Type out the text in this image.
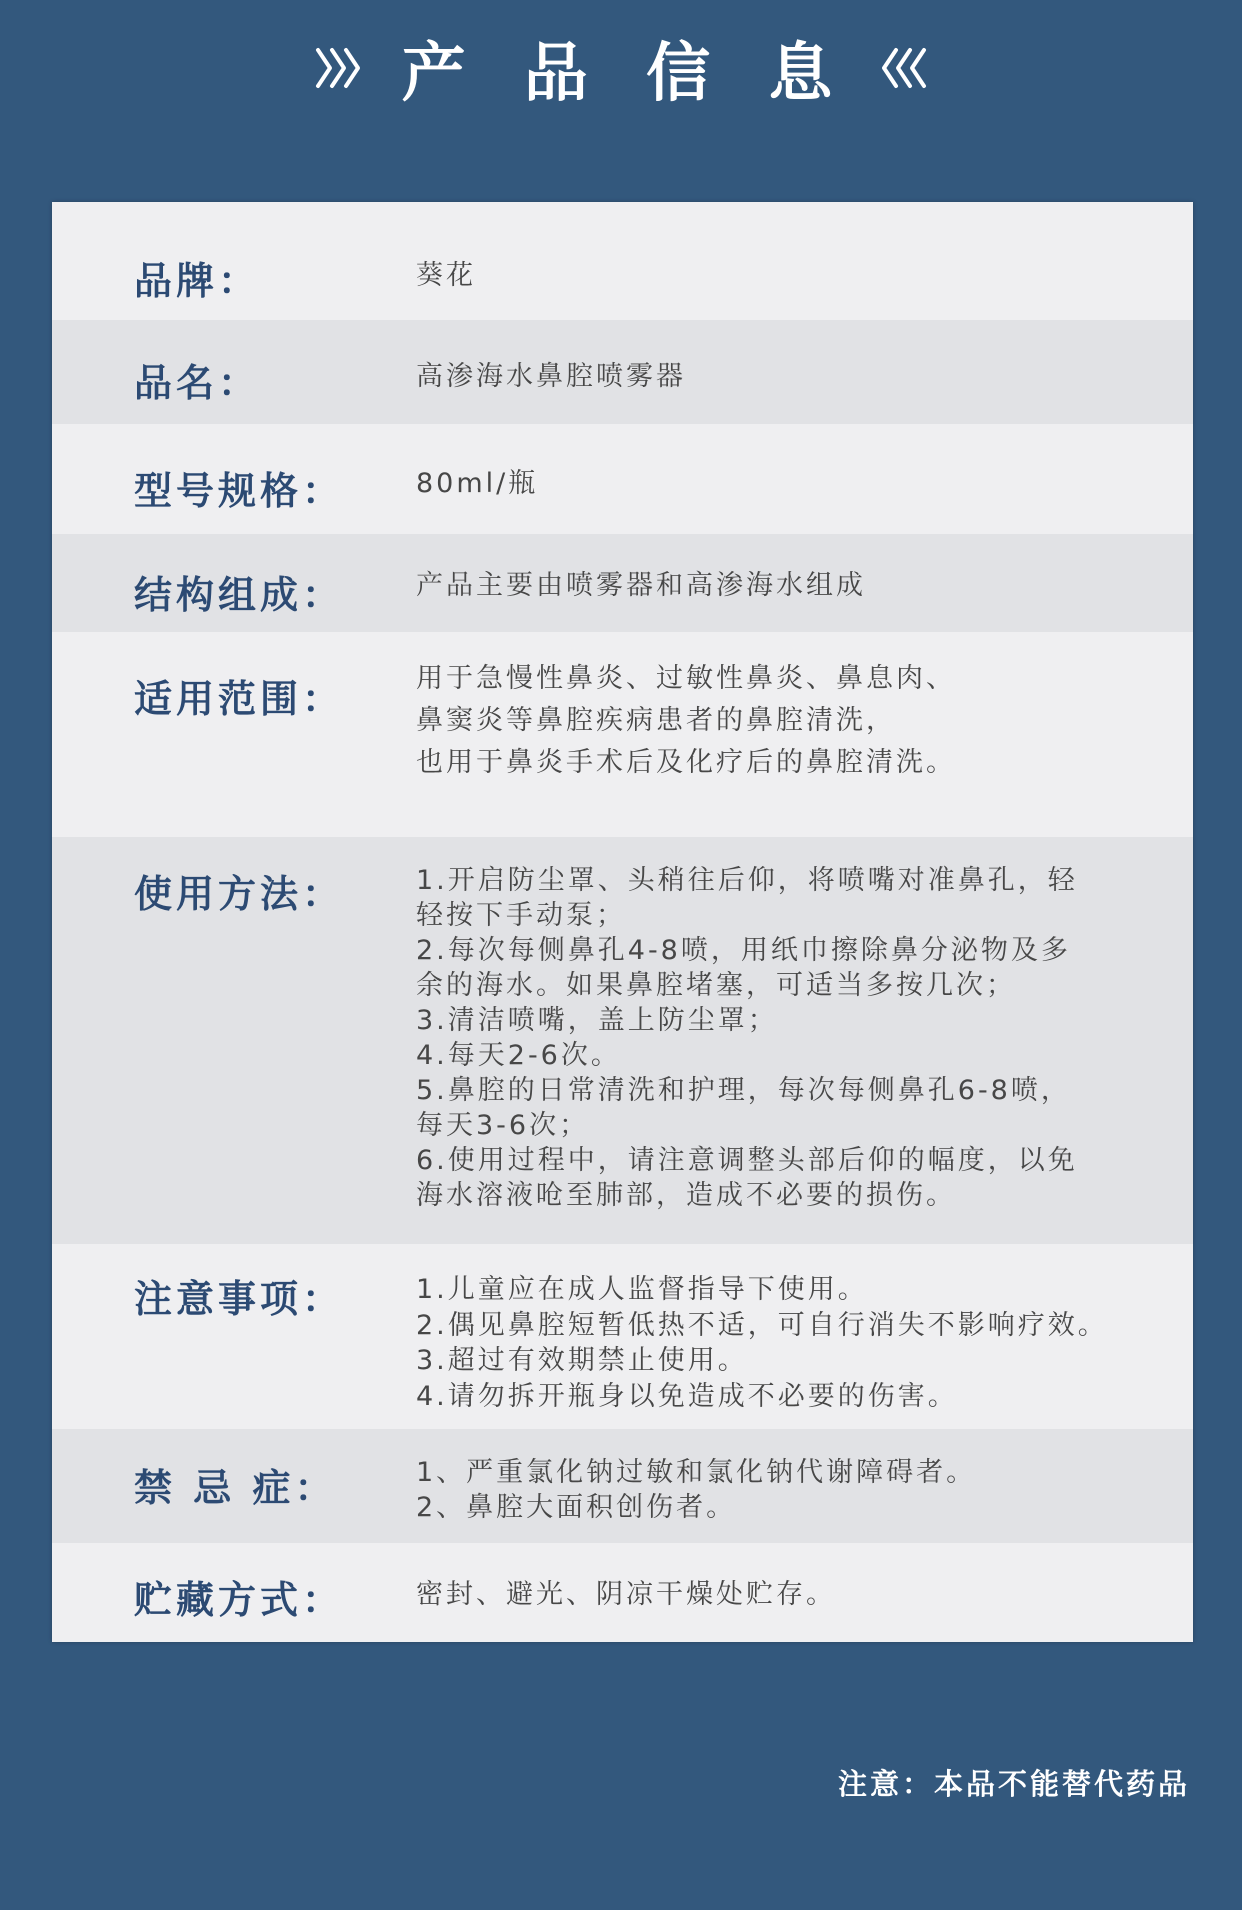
产 品 信 息
品牌：	葵花
品名：	高渗海水鼻腔喷雾器
型号规格：	80ml/瓶
结构组成：	产品主要由喷雾器和高渗海水组成
适用范围：	用于急慢性鼻炎、过敏性鼻炎、鼻息肉、
鼻窦炎等鼻腔疾病患者的鼻腔清洗，
也用于鼻炎手术后及化疗后的鼻腔清洗。
使用方法：	1.开启防尘罩、头稍往后仰，将喷嘴对准鼻孔，轻
轻按下手动泵；
2.每次每侧鼻孔4-8喷，用纸巾擦除鼻分泌物及多
余的海水。如果鼻腔堵塞，可适当多按几次；
3.清洁喷嘴，盖上防尘罩；
4.每天2-6次。
5.鼻腔的日常清洗和护理，每次每侧鼻孔6-8喷，
每天3-6次；
6.使用过程中，请注意调整头部后仰的幅度，以免
海水溶液呛至肺部，造成不必要的损伤。
注意事项：	1.儿童应在成人监督指导下使用。
2.偶见鼻腔短暂低热不适，可自行消失不影响疗效。
3.超过有效期禁止使用。
4.请勿拆开瓶身以免造成不必要的伤害。
禁 忌 症：	1、严重氯化钠过敏和氯化钠代谢障碍者。
2、鼻腔大面积创伤者。
贮藏方式：	密封、避光、阴凉干燥处贮存。
注意：本品不能替代药品
